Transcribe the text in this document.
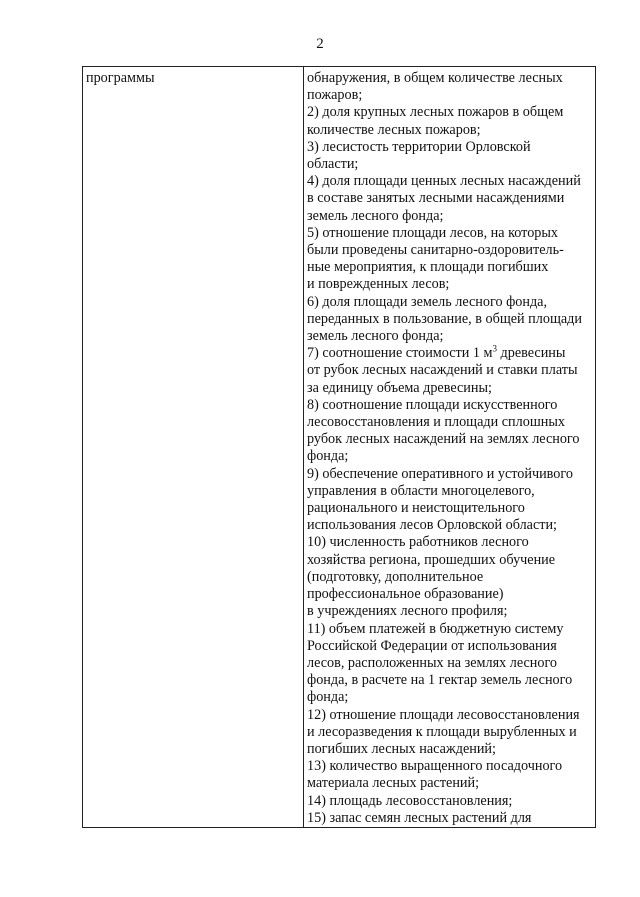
2
программы	обнаружения, в общем количестве лесных
пожаров;
2) доля крупных лесных пожаров в общем
количестве лесных пожаров;
3) лесистость территории Орловской
области;
4) доля площади ценных лесных насаждений
в составе занятых лесными насаждениями
земель лесного фонда;
5) отношение площади лесов, на которых
были проведены санитарно-оздоровитель-
ные мероприятия, к площади погибших
и поврежденных лесов;
6) доля площади земель лесного фонда,
переданных в пользование, в общей площади
земель лесного фонда;
7) соотношение стоимости 1 $м^3$ древесины
от рубок лесных насаждений и ставки платы
за единицу объема древесины;
8) соотношение площади искусственного
лесовосстановления и площади сплошных
рубок лесных насаждений на землях лесного
фонда;
9) обеспечение оперативного и устойчивого
управления в области многоцелевого,
рационального и неистощительного
использования лесов Орловской области;
10) численность работников лесного
хозяйства региона, прошедших обучение
(подготовку, дополнительное
профессиональное образование)
в учреждениях лесного профиля;
11) объем платежей в бюджетную систему
Российской Федерации от использования
лесов, расположенных на землях лесного
фонда, в расчете на 1 гектар земель лесного
фонда;
12) отношение площади лесовосстановления
и лесоразведения к площади вырубленных и
погибших лесных насаждений;
13) количество выращенного посадочного
материала лесных растений;
14) площадь лесовосстановления;
15) запас семян лесных растений для
